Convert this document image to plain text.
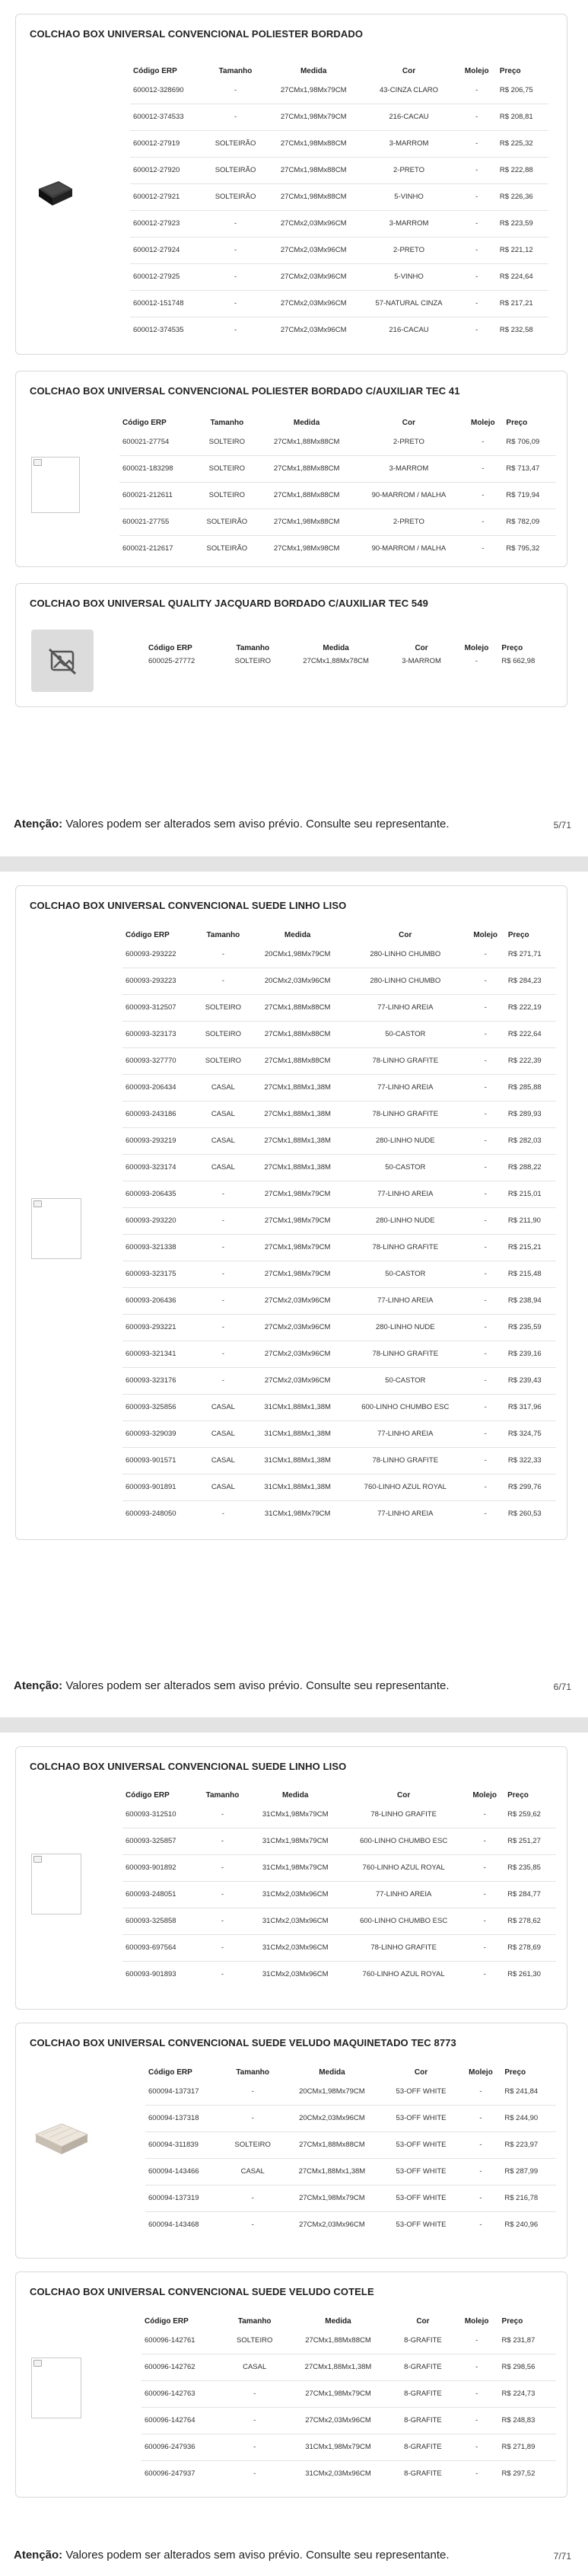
COLCHAO BOX UNIVERSAL CONVENCIONAL POLIESTER BORDADO
Código ERP	Tamanho	Medida	Cor	Molejo	Preço
600012-328690	-	27CMx1,98Mx79CM	43-CINZA CLARO	-	R$ 206,75
600012-374533	-	27CMx1,98Mx79CM	216-CACAU	-	R$ 208,81
600012-27919	SOLTEIRÃO	27CMx1,98Mx88CM	3-MARROM	-	R$ 225,32
600012-27920	SOLTEIRÃO	27CMx1,98Mx88CM	2-PRETO	-	R$ 222,88
600012-27921	SOLTEIRÃO	27CMx1,98Mx88CM	5-VINHO	-	R$ 226,36
600012-27923	-	27CMx2,03Mx96CM	3-MARROM	-	R$ 223,59
600012-27924	-	27CMx2,03Mx96CM	2-PRETO	-	R$ 221,12
600012-27925	-	27CMx2,03Mx96CM	5-VINHO	-	R$ 224,64
600012-151748	-	27CMx2,03Mx96CM	57-NATURAL CINZA	-	R$ 217,21
600012-374535	-	27CMx2,03Mx96CM	216-CACAU	-	R$ 232,58
COLCHAO BOX UNIVERSAL CONVENCIONAL POLIESTER BORDADO C/AUXILIAR TEC 41
Código ERP	Tamanho	Medida	Cor	Molejo	Preço
600021-27754	SOLTEIRO	27CMx1,88Mx88CM	2-PRETO	-	R$ 706,09
600021-183298	SOLTEIRO	27CMx1,88Mx88CM	3-MARROM	-	R$ 713,47
600021-212611	SOLTEIRO	27CMx1,88Mx88CM	90-MARROM / MALHA	-	R$ 719,94
600021-27755	SOLTEIRÃO	27CMx1,98Mx88CM	2-PRETO	-	R$ 782,09
600021-212617	SOLTEIRÃO	27CMx1,98Mx98CM	90-MARROM / MALHA	-	R$ 795,32
COLCHAO BOX UNIVERSAL QUALITY JACQUARD BORDADO C/AUXILIAR TEC 549
Código ERP	Tamanho	Medida	Cor	Molejo	Preço
600025-27772	SOLTEIRO	27CMx1,88Mx78CM	3-MARROM	-	R$ 662,98
Atenção: Valores podem ser alterados sem aviso prévio. Consulte seu representante.	5/71
COLCHAO BOX UNIVERSAL CONVENCIONAL SUEDE LINHO LISO
Código ERP	Tamanho	Medida	Cor	Molejo	Preço
600093-293222	-	20CMx1,98Mx79CM	280-LINHO CHUMBO	-	R$ 271,71
600093-293223	-	20CMx2,03Mx96CM	280-LINHO CHUMBO	-	R$ 284,23
600093-312507	SOLTEIRO	27CMx1,88Mx88CM	77-LINHO AREIA	-	R$ 222,19
600093-323173	SOLTEIRO	27CMx1,88Mx88CM	50-CASTOR	-	R$ 222,64
600093-327770	SOLTEIRO	27CMx1,88Mx88CM	78-LINHO GRAFITE	-	R$ 222,39
600093-206434	CASAL	27CMx1,88Mx1,38M	77-LINHO AREIA	-	R$ 285,88
600093-243186	CASAL	27CMx1,88Mx1,38M	78-LINHO GRAFITE	-	R$ 289,93
600093-293219	CASAL	27CMx1,88Mx1,38M	280-LINHO NUDE	-	R$ 282,03
600093-323174	CASAL	27CMx1,88Mx1,38M	50-CASTOR	-	R$ 288,22
600093-206435	-	27CMx1,98Mx79CM	77-LINHO AREIA	-	R$ 215,01
600093-293220	-	27CMx1,98Mx79CM	280-LINHO NUDE	-	R$ 211,90
600093-321338	-	27CMx1,98Mx79CM	78-LINHO GRAFITE	-	R$ 215,21
600093-323175	-	27CMx1,98Mx79CM	50-CASTOR	-	R$ 215,48
600093-206436	-	27CMx2,03Mx96CM	77-LINHO AREIA	-	R$ 238,94
600093-293221	-	27CMx2,03Mx96CM	280-LINHO NUDE	-	R$ 235,59
600093-321341	-	27CMx2,03Mx96CM	78-LINHO GRAFITE	-	R$ 239,16
600093-323176	-	27CMx2,03Mx96CM	50-CASTOR	-	R$ 239,43
600093-325856	CASAL	31CMx1,88Mx1,38M	600-LINHO CHUMBO ESC	-	R$ 317,96
600093-329039	CASAL	31CMx1,88Mx1,38M	77-LINHO AREIA	-	R$ 324,75
600093-901571	CASAL	31CMx1,88Mx1,38M	78-LINHO GRAFITE	-	R$ 322,33
600093-901891	CASAL	31CMx1,88Mx1,38M	760-LINHO AZUL ROYAL	-	R$ 299,76
600093-248050	-	31CMx1,98Mx79CM	77-LINHO AREIA	-	R$ 260,53
Atenção: Valores podem ser alterados sem aviso prévio. Consulte seu representante.	6/71
COLCHAO BOX UNIVERSAL CONVENCIONAL SUEDE LINHO LISO
Código ERP	Tamanho	Medida	Cor	Molejo	Preço
600093-312510	-	31CMx1,98Mx79CM	78-LINHO GRAFITE	-	R$ 259,62
600093-325857	-	31CMx1,98Mx79CM	600-LINHO CHUMBO ESC	-	R$ 251,27
600093-901892	-	31CMx1,98Mx79CM	760-LINHO AZUL ROYAL	-	R$ 235,85
600093-248051	-	31CMx2,03Mx96CM	77-LINHO AREIA	-	R$ 284,77
600093-325858	-	31CMx2,03Mx96CM	600-LINHO CHUMBO ESC	-	R$ 278,62
600093-697564	-	31CMx2,03Mx96CM	78-LINHO GRAFITE	-	R$ 278,69
600093-901893	-	31CMx2,03Mx96CM	760-LINHO AZUL ROYAL	-	R$ 261,30
COLCHAO BOX UNIVERSAL CONVENCIONAL SUEDE VELUDO MAQUINETADO TEC 8773
Código ERP	Tamanho	Medida	Cor	Molejo	Preço
600094-137317	-	20CMx1,98Mx79CM	53-OFF WHITE	-	R$ 241,84
600094-137318	-	20CMx2,03Mx96CM	53-OFF WHITE	-	R$ 244,90
600094-311839	SOLTEIRO	27CMx1,88Mx88CM	53-OFF WHITE	-	R$ 223,97
600094-143466	CASAL	27CMx1,88Mx1,38M	53-OFF WHITE	-	R$ 287,99
600094-137319	-	27CMx1,98Mx79CM	53-OFF WHITE	-	R$ 216,78
600094-143468	-	27CMx2,03Mx96CM	53-OFF WHITE	-	R$ 240,96
COLCHAO BOX UNIVERSAL CONVENCIONAL SUEDE VELUDO COTELE
Código ERP	Tamanho	Medida	Cor	Molejo	Preço
600096-142761	SOLTEIRO	27CMx1,88Mx88CM	8-GRAFITE	-	R$ 231,87
600096-142762	CASAL	27CMx1,88Mx1,38M	8-GRAFITE	-	R$ 298,56
600096-142763	-	27CMx1,98Mx79CM	8-GRAFITE	-	R$ 224,73
600096-142764	-	27CMx2,03Mx96CM	8-GRAFITE	-	R$ 248,83
600096-247936	-	31CMx1,98Mx79CM	8-GRAFITE	-	R$ 271,89
600096-247937	-	31CMx2,03Mx96CM	8-GRAFITE	-	R$ 297,52
Atenção: Valores podem ser alterados sem aviso prévio. Consulte seu representante.	7/71
